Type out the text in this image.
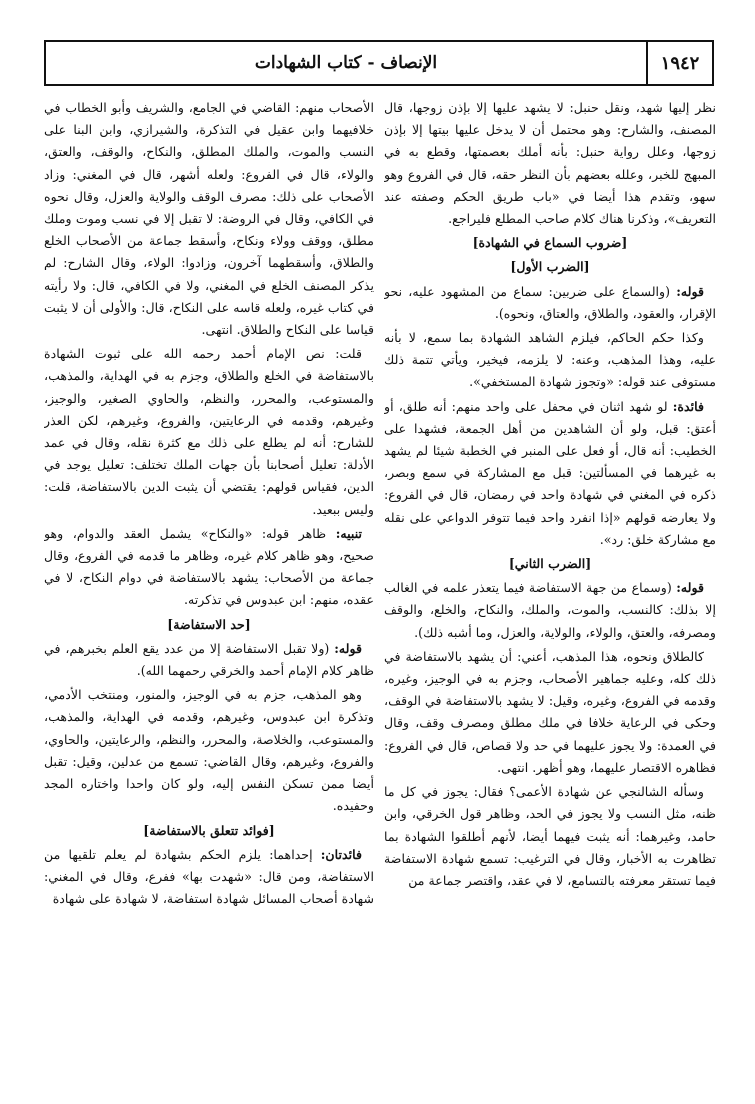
الإنصاف - كتاب الشهادات	١٩٤٢

نظر إليها شهد، ونقل حنبل: لا يشهد عليها إلا بإذن زوجها، قال المصنف، والشارح: وهو محتمل أن لا يدخل عليها بيتها إلا بإذن زوجها، وعلل رواية حنبل: بأنه أملك بعصمتها، وقطع به في المبهج للخبر، وعلله بعضهم بأن النظر حقه، قال في الفروع وهو سهو، وتقدم هذا أيضا في «باب طريق الحكم وصفته عند التعريف»، وذكرنا هناك كلام صاحب المطلع فليراجع.

[ضروب السماع في الشهادة]
[الضرب الأول]

قوله: (والسماع على ضربين: سماع من المشهود عليه، نحو الإقرار، والعقود، والطلاق، والعتاق، ونحوه).

وكذا حكم الحاكم، فيلزم الشاهد الشهادة بما سمع، لا بأنه عليه، وهذا المذهب، وعنه: لا يلزمه، فيخير، ويأتي تتمة ذلك مستوفى عند قوله: «وتجوز شهادة المستخفي».

فائدة: لو شهد اثنان في محفل على واحد منهم: أنه طلق، أو أعتق: قبل، ولو أن الشاهدين من أهل الجمعة، فشهدا على الخطيب: أنه قال، أو فعل على المنبر في الخطبة شيئا لم يشهد به غيرهما في المسألتين: قبل مع المشاركة في سمع وبصر، ذكره في المغني في شهادة واحد في رمضان، قال في الفروع: ولا يعارضه قولهم «إذا انفرد واحد فيما تتوفر الدواعي على نقله مع مشاركة خلق: رد».

[الضرب الثاني]

قوله: (وسماع من جهة الاستفاضة فيما يتعذر علمه في الغالب إلا بذلك: كالنسب، والموت، والملك، والنكاح، والخلع، والوقف ومصرفه، والعتق، والولاء، والولاية، والعزل، وما أشبه ذلك).

كالطلاق ونحوه، هذا المذهب، أعني: أن يشهد بالاستفاضة في ذلك كله، وعليه جماهير الأصحاب، وجزم به في الوجيز، وغيره، وقدمه في الفروع، وغيره، وقيل: لا يشهد بالاستفاضة في الوقف، وحكى في الرعاية خلافا في ملك مطلق ومصرف وقف، وقال في العمدة: ولا يجوز عليهما في حد ولا قصاص، قال في الفروع: فظاهره الاقتصار عليهما، وهو أظهر. انتهى.

وسأله الشالنجي عن شهادة الأعمى؟ فقال: يجوز في كل ما ظنه، مثل النسب ولا يجوز في الحد، وظاهر قول الخرقي، وابن حامد، وغيرهما: أنه يثبت فيهما أيضا، لأنهم أطلقوا الشهادة بما تظاهرت به الأخبار، وقال في الترغيب: تسمع شهادة الاستفاضة فيما تستقر معرفته بالتسامع، لا في عقد، واقتصر جماعة من

الأصحاب منهم: القاضي في الجامع، والشريف وأبو الخطاب في خلافيهما وابن عقيل في التذكرة، والشيرازي، وابن البنا على النسب والموت، والملك المطلق، والنكاح، والوقف، والعتق، والولاء، قال في الفروع: ولعله أشهر، قال في المغني: وزاد الأصحاب على ذلك: مصرف الوقف والولاية والعزل، وقال نحوه في الكافي، وقال في الروضة: لا تقبل إلا في نسب وموت وملك مطلق، ووقف وولاء ونكاح، وأسقط جماعة من الأصحاب الخلع والطلاق، وأسقطهما آخرون، وزادوا: الولاء، وقال الشارح: لم يذكر المصنف الخلع في المغني، ولا في الكافي، قال: ولا رأيته في كتاب غيره، ولعله قاسه على النكاح، قال: والأولى أن لا يثبت قياسا على النكاح والطلاق. انتهى.

قلت: نص الإمام أحمد رحمه الله على ثبوت الشهادة بالاستفاضة في الخلع والطلاق، وجزم به في الهداية، والمذهب، والمستوعب، والمحرر، والنظم، والحاوي الصغير، والوجيز، وغيرهم، وقدمه في الرعايتين، والفروع، وغيرهم، لكن العذر للشارح: أنه لم يطلع على ذلك مع كثرة نقله، وقال في عمد الأدلة: تعليل أصحابنا بأن جهات الملك تختلف: تعليل يوجد في الدين، فقياس قولهم: يقتضي أن يثبت الدين بالاستفاضة، قلت: وليس ببعيد.

تنبيه: ظاهر قوله: «والنكاح» يشمل العقد والدوام، وهو صحيح، وهو ظاهر كلام غيره، وظاهر ما قدمه في الفروع، وقال جماعة من الأصحاب: يشهد بالاستفاضة في دوام النكاح، لا في عقده، منهم: ابن عبدوس في تذكرته.

[حد الاستفاضة]

قوله: (ولا تقبل الاستفاضة إلا من عدد يقع العلم بخبرهم، في ظاهر كلام الإمام أحمد والخرقي رحمهما الله).

وهو المذهب، جزم به في الوجيز، والمنور، ومنتخب الأدمي، وتذكرة ابن عبدوس، وغيرهم، وقدمه في الهداية، والمذهب، والمستوعب، والخلاصة، والمحرر، والنظم، والرعايتين، والحاوي، والفروع، وغيرهم، وقال القاضي: تسمع من عدلين، وقيل: تقبل أيضا ممن تسكن النفس إليه، ولو كان واحدا واختاره المجد وحفيده.

[فوائد تتعلق بالاستفاضة]

فائدتان: إحداهما: يلزم الحكم بشهادة لم يعلم تلقيها من الاستفاضة، ومن قال: «شهدت بها» ففرع، وقال في المغني: شهادة أصحاب المسائل شهادة استفاضة، لا شهادة على شهادة
